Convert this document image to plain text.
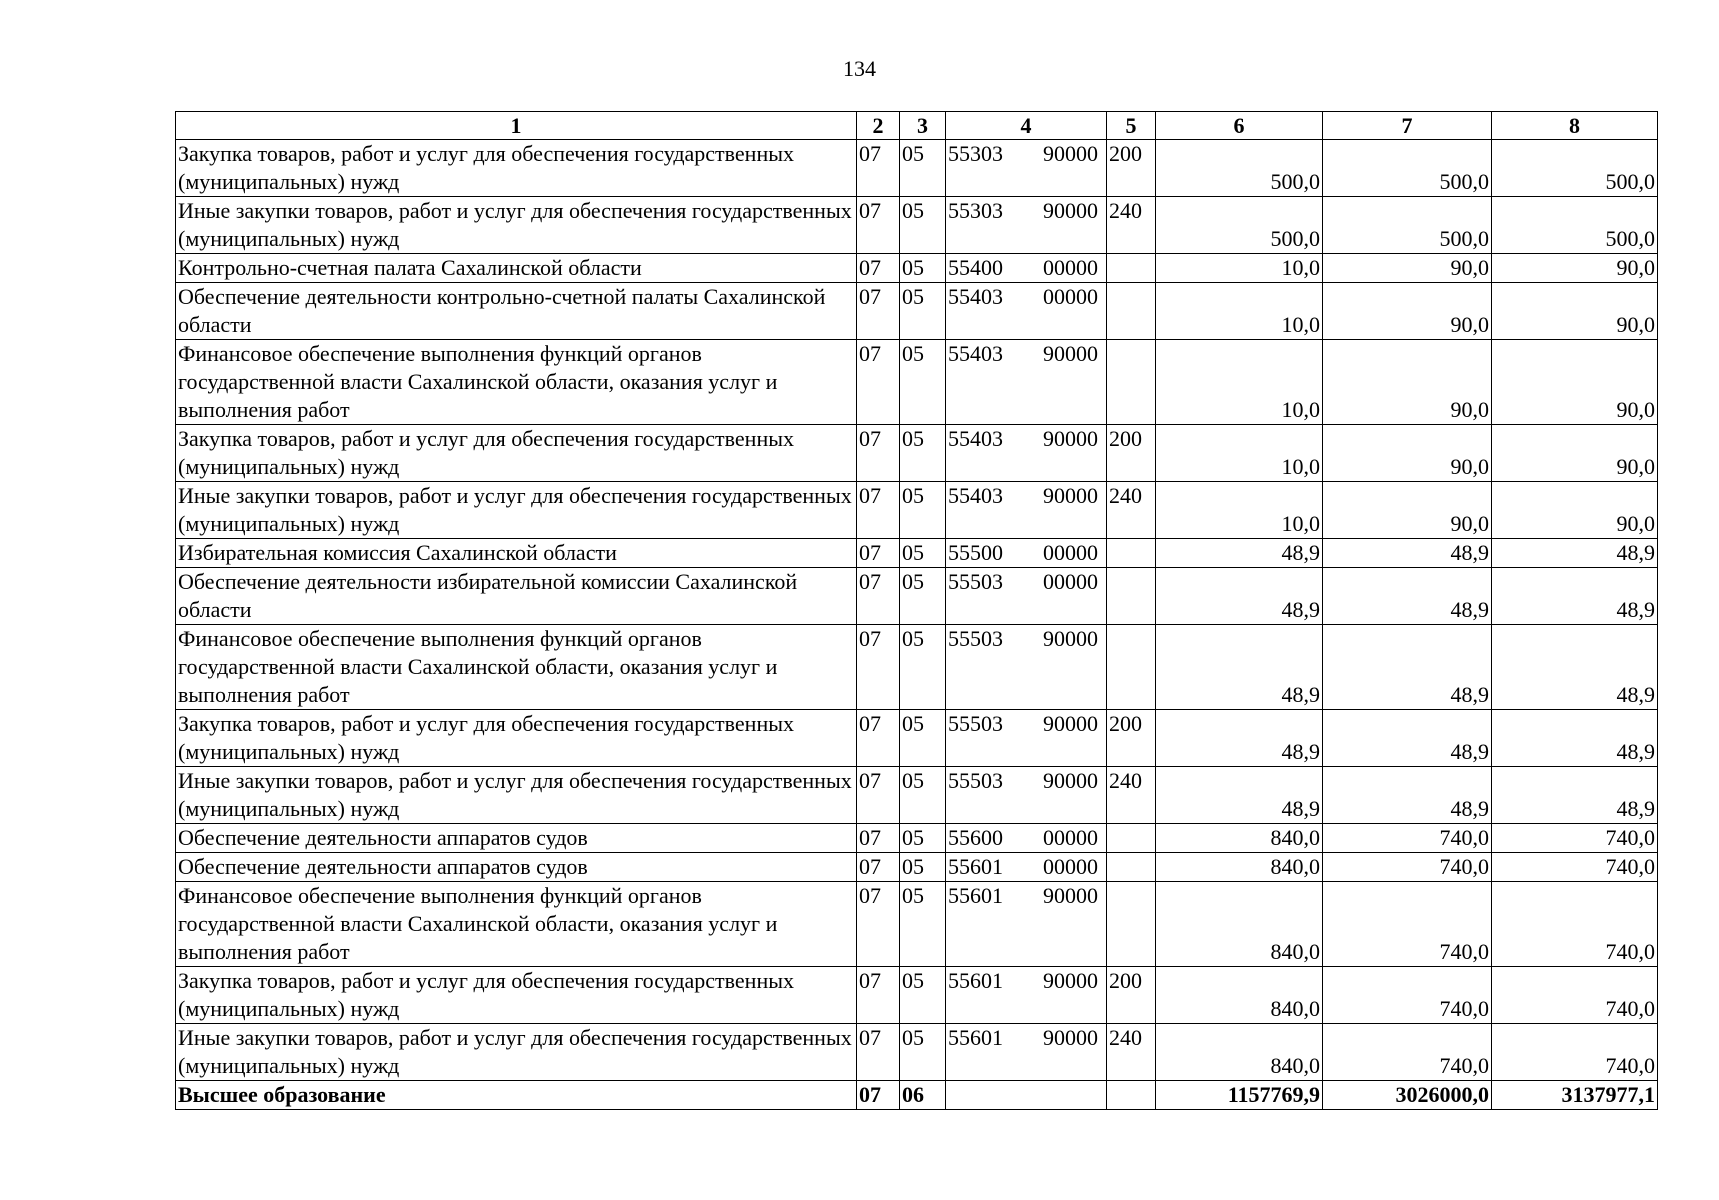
134
1	2	3	4	5	6	7	8
Закупка товаров, работ и услуг для обеспечения государственных (муниципальных) нужд	07	05	55303 90000	200	500,0	500,0	500,0
Иные закупки товаров, работ и услуг для обеспечения государственных (муниципальных) нужд	07	05	55303 90000	240	500,0	500,0	500,0
Контрольно-счетная палата Сахалинской области	07	05	55400 00000		10,0	90,0	90,0
Обеспечение деятельности контрольно-счетной палаты Сахалинской области	07	05	55403 00000		10,0	90,0	90,0
Финансовое обеспечение выполнения функций органов государственной власти Сахалинской области, оказания услуг и выполнения работ	07	05	55403 90000		10,0	90,0	90,0
Закупка товаров, работ и услуг для обеспечения государственных (муниципальных) нужд	07	05	55403 90000	200	10,0	90,0	90,0
Иные закупки товаров, работ и услуг для обеспечения государственных (муниципальных) нужд	07	05	55403 90000	240	10,0	90,0	90,0
Избирательная комиссия Сахалинской области	07	05	55500 00000		48,9	48,9	48,9
Обеспечение деятельности избирательной комиссии Сахалинской области	07	05	55503 00000		48,9	48,9	48,9
Финансовое обеспечение выполнения функций органов государственной власти Сахалинской области, оказания услуг и выполнения работ	07	05	55503 90000		48,9	48,9	48,9
Закупка товаров, работ и услуг для обеспечения государственных (муниципальных) нужд	07	05	55503 90000	200	48,9	48,9	48,9
Иные закупки товаров, работ и услуг для обеспечения государственных (муниципальных) нужд	07	05	55503 90000	240	48,9	48,9	48,9
Обеспечение деятельности аппаратов судов	07	05	55600 00000		840,0	740,0	740,0
Обеспечение деятельности аппаратов судов	07	05	55601 00000		840,0	740,0	740,0
Финансовое обеспечение выполнения функций органов государственной власти Сахалинской области, оказания услуг и выполнения работ	07	05	55601 90000		840,0	740,0	740,0
Закупка товаров, работ и услуг для обеспечения государственных (муниципальных) нужд	07	05	55601 90000	200	840,0	740,0	740,0
Иные закупки товаров, работ и услуг для обеспечения государственных (муниципальных) нужд	07	05	55601 90000	240	840,0	740,0	740,0
Высшее образование	07	06			1157769,9	3026000,0	3137977,1
